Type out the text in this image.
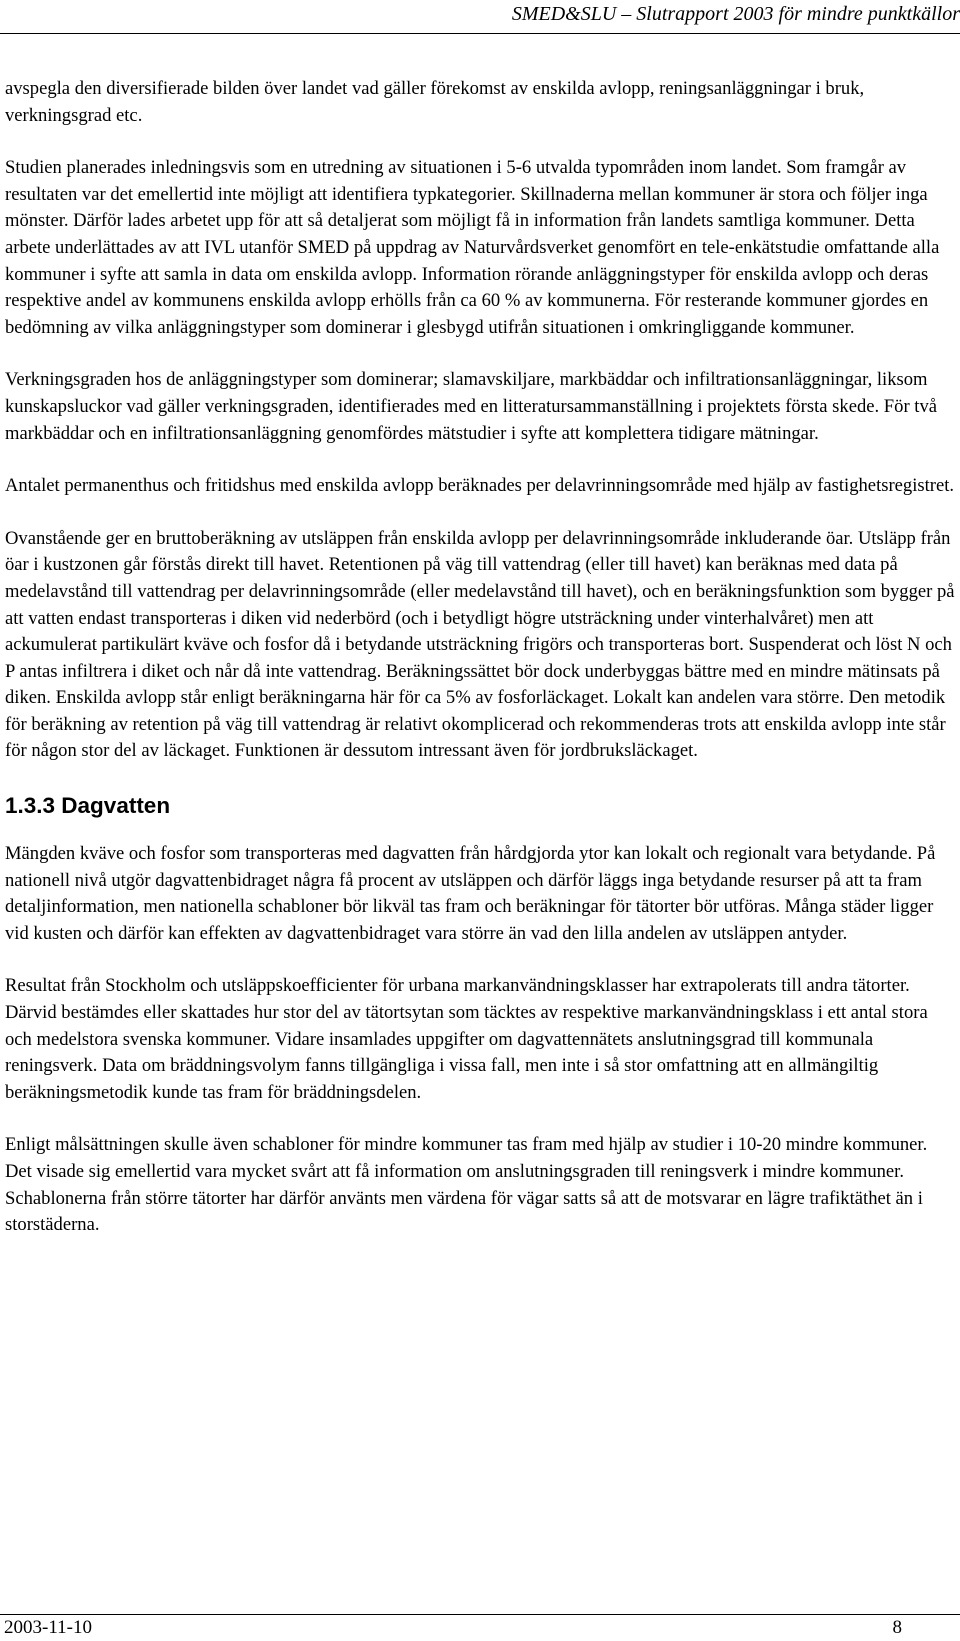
SMED&SLU – Slutrapport 2003 för mindre punktkällor

avspegla den diversifierade bilden över landet vad gäller förekomst av enskilda avlopp, reningsanläggningar i bruk, verkningsgrad etc.

Studien planerades inledningsvis som en utredning av situationen i 5-6 utvalda typområden inom landet. Som framgår av resultaten var det emellertid inte möjligt att identifiera typkategorier. Skillnaderna mellan kommuner är stora och följer inga mönster. Därför lades arbetet upp för att så detaljerat som möjligt få in information från landets samtliga kommuner. Detta arbete underlättades av att IVL utanför SMED på uppdrag av Naturvårdsverket genomfört en tele-enkätstudie omfattande alla kommuner i syfte att samla in data om enskilda avlopp. Information rörande anläggningstyper för enskilda avlopp och deras respektive andel av kommunens enskilda avlopp erhölls från ca 60 % av kommunerna. För resterande kommuner gjordes en bedömning av vilka anläggningstyper som dominerar i glesbygd utifrån situationen i omkringliggande kommuner.

Verkningsgraden hos de anläggningstyper som dominerar; slamavskiljare, markbäddar och infiltrationsanläggningar, liksom kunskapsluckor vad gäller verkningsgraden, identifierades med en litteratursammanställning i projektets första skede. För två markbäddar och en infiltrationsanläggning genomfördes mätstudier i syfte att komplettera tidigare mätningar.

Antalet permanenthus och fritidshus med enskilda avlopp beräknades per delavrinningsområde med hjälp av fastighetsregistret.

Ovanstående ger en bruttoberäkning av utsläppen från enskilda avlopp per delavrinningsområde inkluderande öar. Utsläpp från öar i kustzonen går förstås direkt till havet. Retentionen på väg till vattendrag (eller till havet) kan beräknas med data på medelavstånd till vattendrag per delavrinningsområde (eller medelavstånd till havet), och en beräkningsfunktion som bygger på att vatten endast transporteras i diken vid nederbörd (och i betydligt högre utsträckning under vinterhalvåret) men att ackumulerat partikulärt kväve och fosfor då i betydande utsträckning frigörs och transporteras bort. Suspenderat och löst N och P antas infiltrera i diket och når då inte vattendrag. Beräkningssättet bör dock underbyggas bättre med en mindre mätinsats på diken. Enskilda avlopp står enligt beräkningarna här för ca 5% av fosforläckaget. Lokalt kan andelen vara större. Den metodik för beräkning av retention på väg till vattendrag är relativt okomplicerad och rekommenderas trots att enskilda avlopp inte står för någon stor del av läckaget. Funktionen är dessutom intressant även för jordbruksläckaget.

1.3.3 Dagvatten

Mängden kväve och fosfor som transporteras med dagvatten från hårdgjorda ytor kan lokalt och regionalt vara betydande. På nationell nivå utgör dagvattenbidraget några få procent av utsläppen och därför läggs inga betydande resurser på att ta fram detaljinformation, men nationella schabloner bör likväl tas fram och beräkningar för tätorter bör utföras. Många städer ligger vid kusten och därför kan effekten av dagvattenbidraget vara större än vad den lilla andelen av utsläppen antyder.

Resultat från Stockholm och utsläppskoefficienter för urbana markanvändningsklasser har extrapolerats till andra tätorter. Därvid bestämdes eller skattades hur stor del av tätortsytan som täcktes av respektive markanvändningsklass i ett antal stora och medelstora svenska kommuner. Vidare insamlades uppgifter om dagvattennätets anslutningsgrad till kommunala reningsverk. Data om bräddningsvolym fanns tillgängliga i vissa fall, men inte i så stor omfattning att en allmängiltig beräkningsmetodik kunde tas fram för bräddningsdelen.

Enligt målsättningen skulle även schabloner för mindre kommuner tas fram med hjälp av studier i 10-20 mindre kommuner. Det visade sig emellertid vara mycket svårt att få information om anslutningsgraden till reningsverk i mindre kommuner. Schablonerna från större tätorter har därför använts men värdena för vägar satts så att de motsvarar en lägre trafiktäthet än i storstäderna.

2003-11-10	8
